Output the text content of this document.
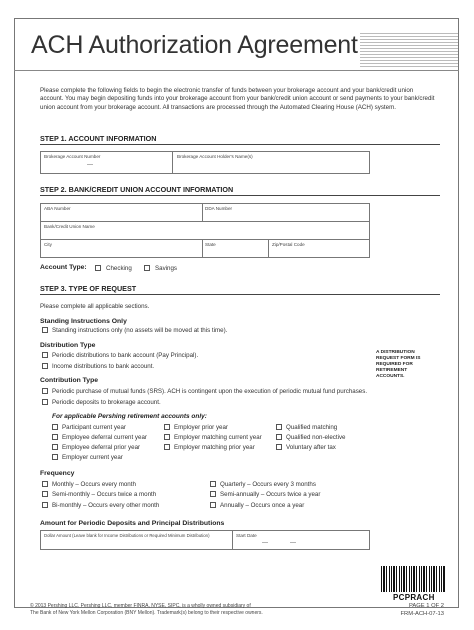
ACH Authorization Agreement
Please complete the following fields to begin the electronic transfer of funds between your brokerage account and your bank/credit union account. You may begin depositing funds into your brokerage account from your bank/credit union account or send payments to your bank/credit union account from your brokerage account. All transactions are processed through the Automated Clearing House (ACH) system.
STEP 1. ACCOUNT INFORMATION
Brokerage Account Number
—
Brokerage Account Holder's Name(s)
STEP 2. BANK/CREDIT UNION ACCOUNT INFORMATION
ABA Number	DDA Number
Bank/Credit Union Name
City	State	Zip/Postal Code
Account Type:	Checking	Savings
STEP 3. TYPE OF REQUEST
Please complete all applicable sections.
Standing Instructions Only
Standing instructions only (no assets will be moved at this time).
Distribution Type
Periodic distributions to bank account (Pay Principal).
Income distributions to bank account.
A DISTRIBUTION REQUEST FORM IS REQUIRED FOR RETIREMENT ACCOUNTS.
Contribution Type
Periodic purchase of mutual funds (SRS). ACH is contingent upon the execution of periodic mutual fund purchases.
Periodic deposits to brokerage account.
For applicable Pershing retirement accounts only:
Participant current year
Employee deferral current year
Employee deferral prior year
Employer current year
Employer prior year
Employer matching current year
Employer matching prior year
Qualified matching
Qualified non-elective
Voluntary after tax
Frequency
Monthly – Occurs every month
Semi-monthly – Occurs twice a month
Bi-monthly – Occurs every other month
Quarterly – Occurs every 3 months
Semi-annually – Occurs twice a year
Annually – Occurs once a year
Amount for Periodic Deposits and Principal Distributions
Dollar Amount (Leave blank for Income Distributions or Required Minimum Distribution)	Start Date
—	—
PCPRACH
© 2013 Pershing LLC. Pershing LLC, member FINRA, NYSE, SIPC, is a wholly owned subsidiary of
The Bank of New York Mellon Corporation (BNY Mellon). Trademark(s) belong to their respective owners.
PAGE 1 OF 2
FRM-ACH-07-13
